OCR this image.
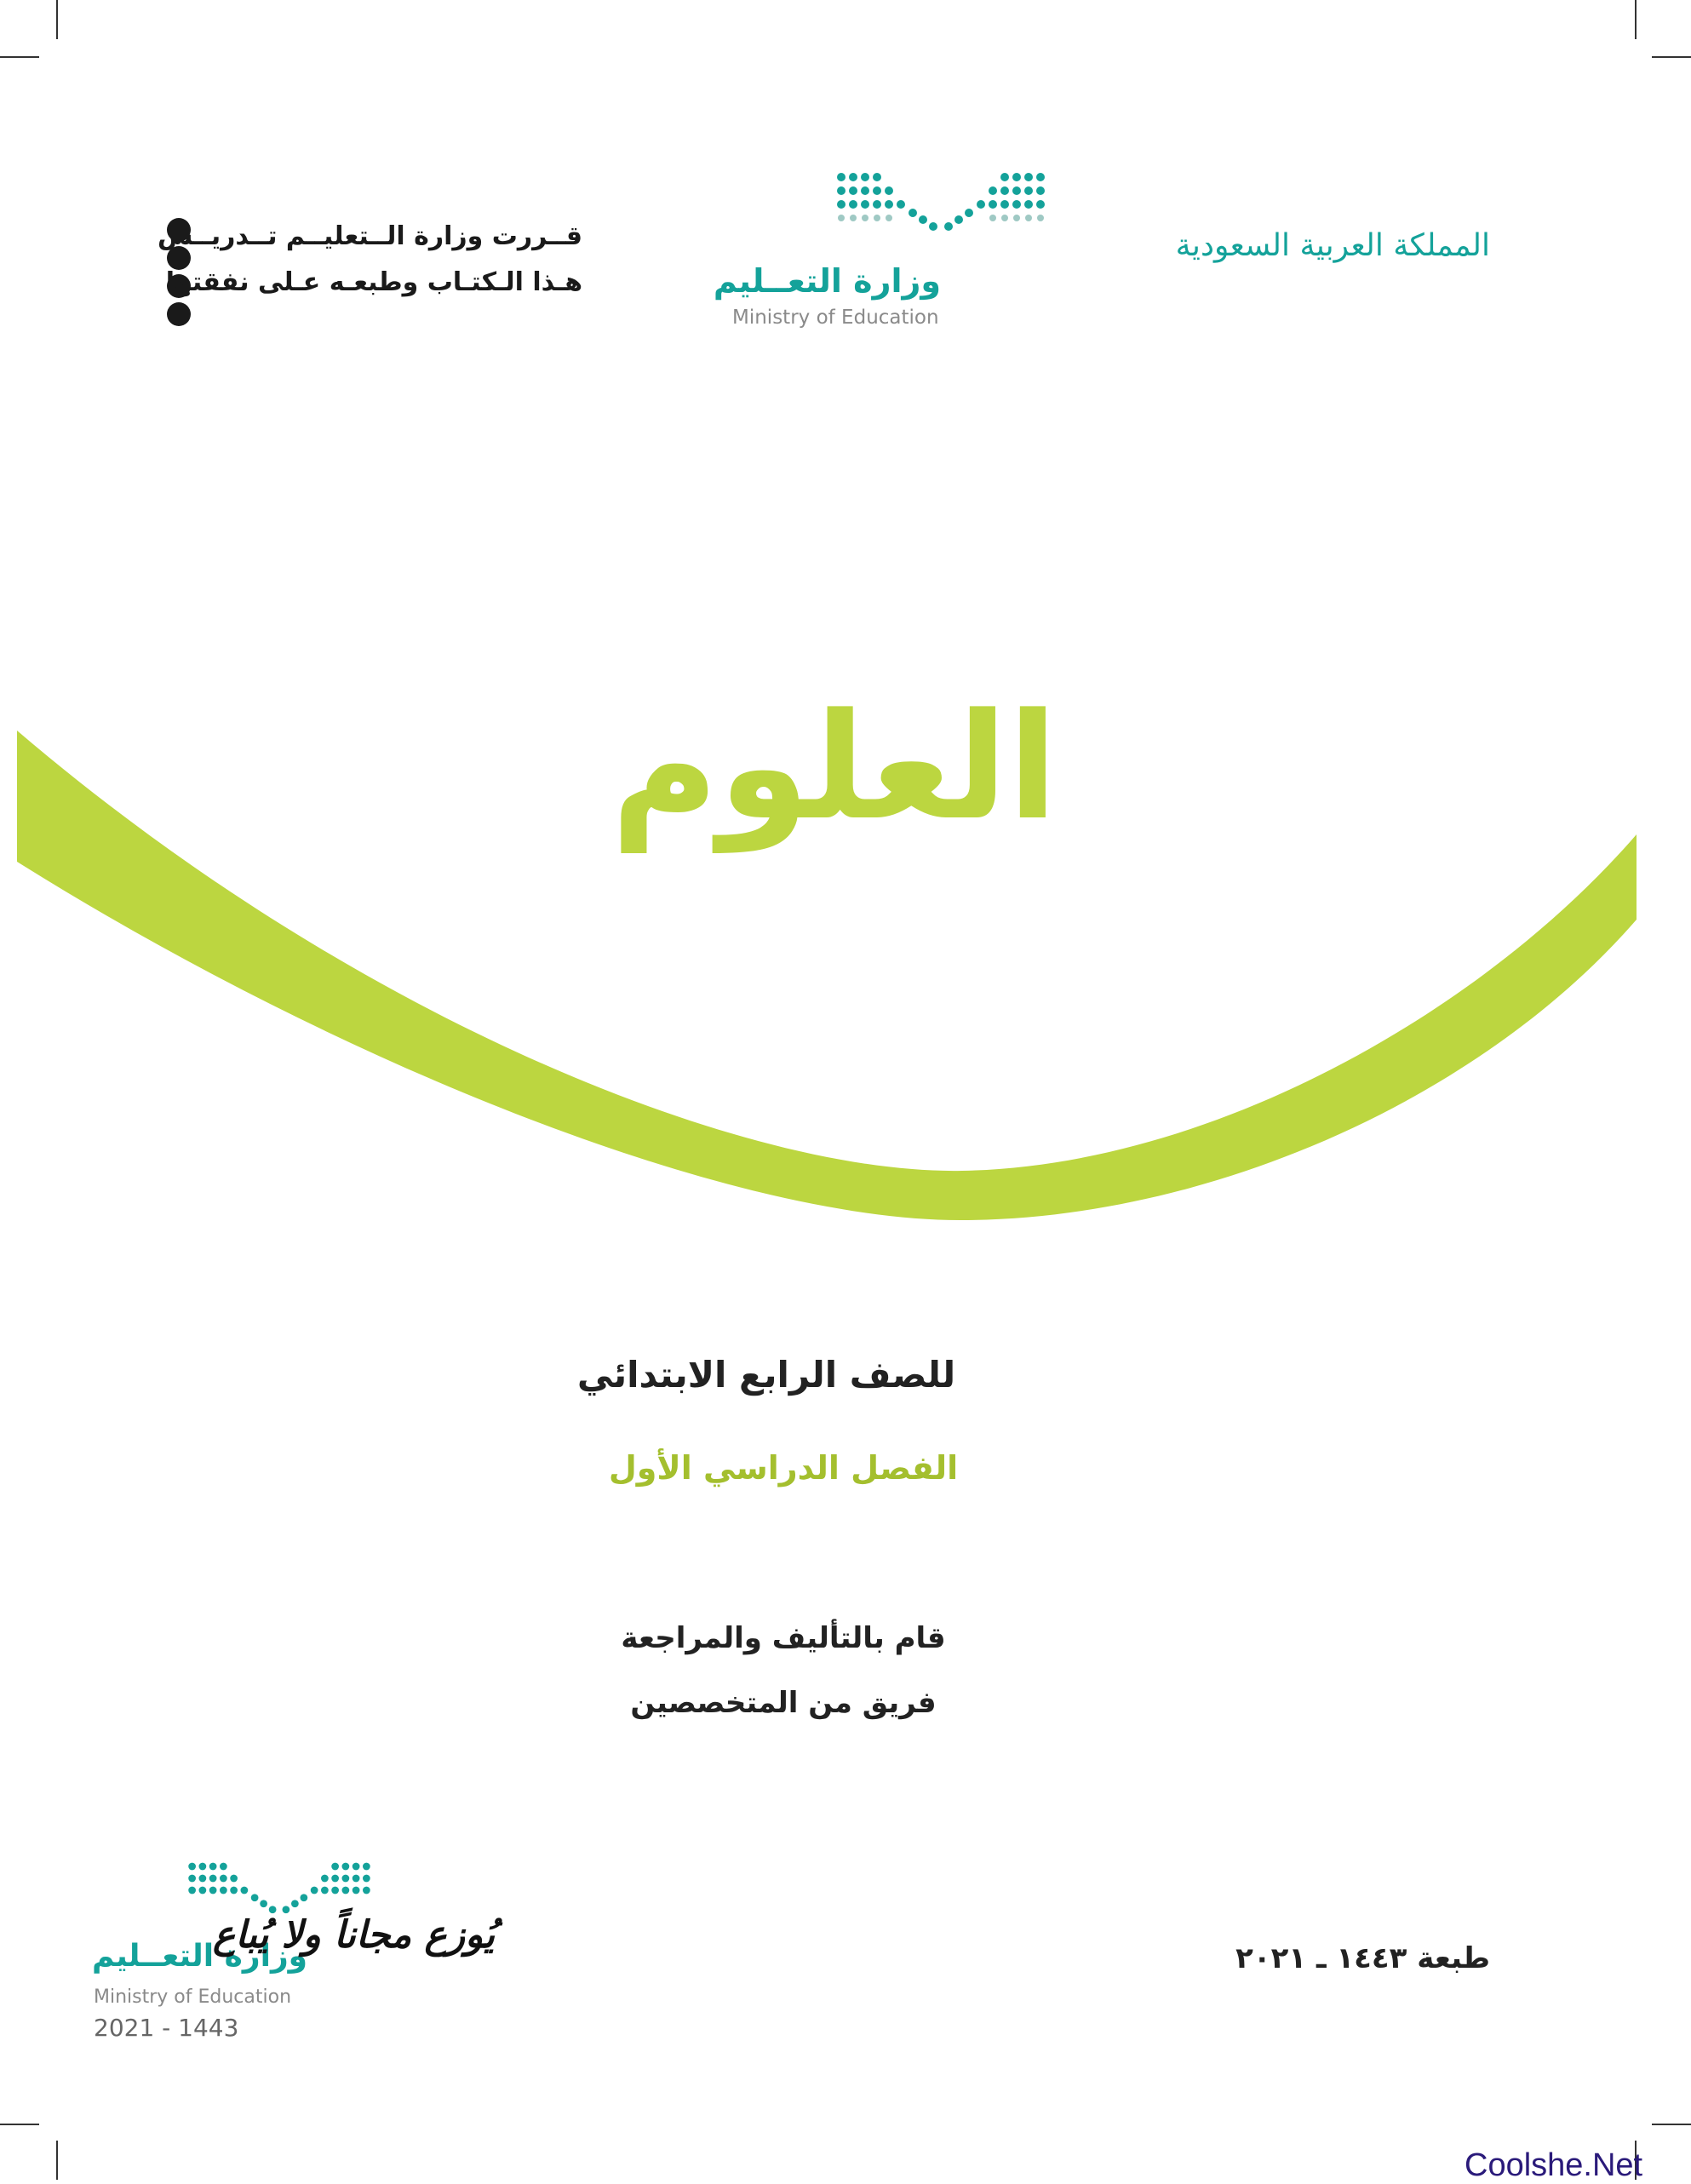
المملكة العربية السعودية
وزارة التعــليم
Ministry of Education
قــررت وزارة الــتعليــم تــدريــس
هـذا الـكتـاب وطبعـه عـلى نفقتها
العلوم
للصف الرابع الابتدائي
الفصل الدراسي الأول
قام بالتأليف والمراجعة
فريق من المتخصصين
طبعة ١٤٤٣ ـ ٢٠٢١
وزارة التعــليم
يُوزع مجاناً ولا يُباع
Ministry of Education
2021 - 1443
Coolshe.Net
